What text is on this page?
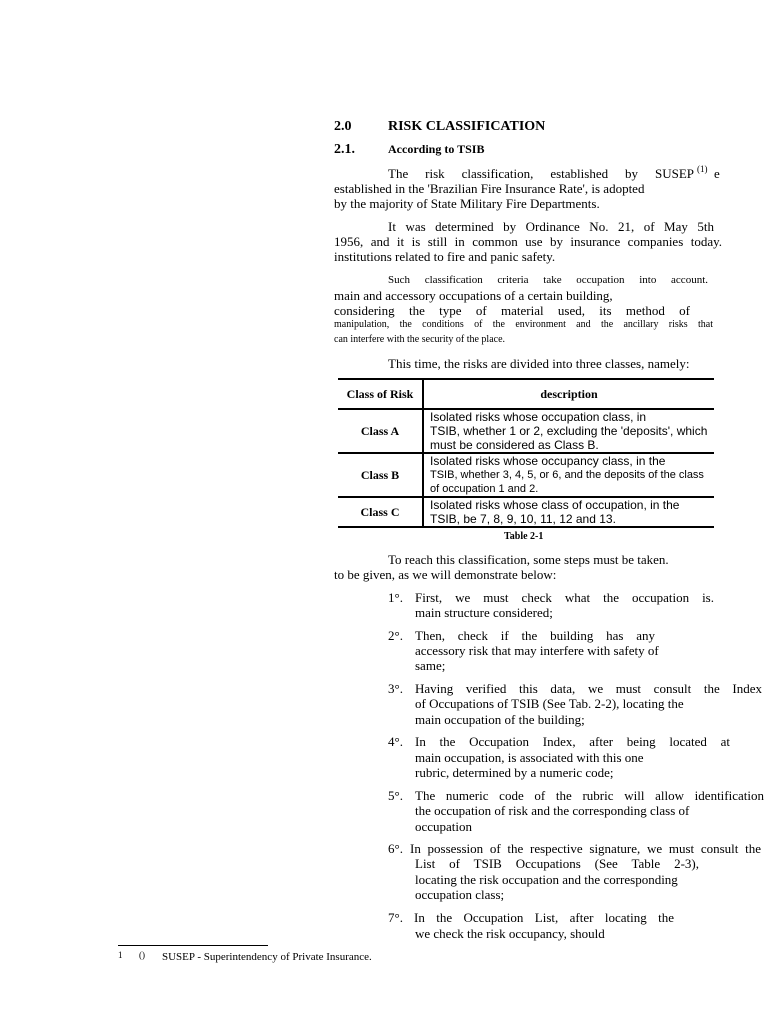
2.0	RISK CLASSIFICATION
2.1.	According to TSIB
The risk classification, established by SUSEP (1) e
established in the 'Brazilian Fire Insurance Rate', is adopted
by the majority of State Military Fire Departments.
It was determined by Ordinance No. 21, of May 5th
1956, and it is still in common use by insurance companies today.
institutions related to fire and panic safety.
Such classification criteria take occupation into account.
main and accessory occupations of a certain building,
considering the type of material used, its method of
manipulation, the conditions of the environment and the ancillary risks that
can interfere with the security of the place.
This time, the risks are divided into three classes, namely:
Class of Risk	description
Class A	Isolated risks whose occupation class, in
TSIB, whether 1 or 2, excluding the 'deposits', which
must be considered as Class B.

Class B	Isolated risks whose occupancy class, in the
TSIB, whether 3, 4, 5, or 6, and the deposits of the class
of occupation 1 and 2.

Class C	Isolated risks whose class of occupation, in the
TSIB, be 7, 8, 9, 10, 11, 12 and 13.
Table 2-1
To reach this classification, some steps must be taken.
to be given, as we will demonstrate below:
1°. First, we must check what the occupation is.
main structure considered;
2°. Then, check if the building has any
accessory risk that may interfere with safety of
same;
3°. Having verified this data, we must consult the Index
of Occupations of TSIB (See Tab. 2-2), locating the
main occupation of the building;
4°. In the Occupation Index, after being located at
main occupation, is associated with this one
rubric, determined by a numeric code;
5°. The numeric code of the rubric will allow identification
the occupation of risk and the corresponding class of
occupation
6°. In possession of the respective signature, we must consult the
List of TSIB Occupations (See Table 2-3),
locating the risk occupation and the corresponding
occupation class;
7°. In the Occupation List, after locating the
we check the risk occupancy, should
1 () SUSEP - Superintendency of Private Insurance.
